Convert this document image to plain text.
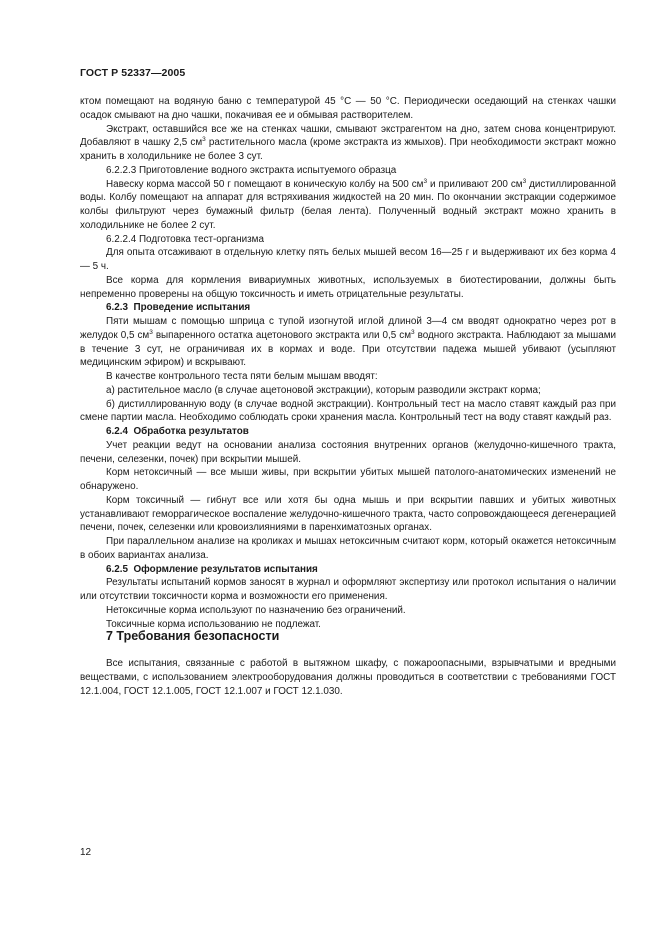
ГОСТ Р 52337—2005

ктом помещают на водяную баню с температурой 45 °С — 50 °С. Периодически оседающий на стенках чашки осадок смывают на дно чашки, покачивая ее и обмывая растворителем.

Экстракт, оставшийся все же на стенках чашки, смывают экстрагентом на дно, затем снова концентрируют. Добавляют в чашку 2,5 $см^3$ растительного масла (кроме экстракта из жмыхов). При необходимости экстракт можно хранить в холодильнике не более 3 сут.

6.2.2.3 Приготовление водного экстракта испытуемого образца

Навеску корма массой 50 г помещают в коническую колбу на 500 $см^3$ и приливают 200 $см^3$ дистиллированной воды. Колбу помещают на аппарат для встряхивания жидкостей на 20 мин. По окончании экстракции содержимое колбы фильтруют через бумажный фильтр (белая лента). Полученный водный экстракт можно хранить в холодильнике не более 2 сут.

6.2.2.4 Подготовка тест-организма

Для опыта отсаживают в отдельную клетку пять белых мышей весом 16—25 г и выдерживают их без корма 4 — 5 ч.

Все корма для кормления вивариумных животных, используемых в биотестировании, должны быть непременно проверены на общую токсичность и иметь отрицательные результаты.

6.2.3 Проведение испытания

Пяти мышам с помощью шприца с тупой изогнутой иглой длиной 3—4 см вводят однократно через рот в желудок 0,5 $см^3$ выпаренного остатка ацетонового экстракта или 0,5 $см^3$ водного экстракта. Наблюдают за мышами в течение 3 сут, не ограничивая их в кормах и воде. При отсутствии падежа мышей убивают (усыпляют медицинским эфиром) и вскрывают.

В качестве контрольного теста пяти белым мышам вводят:

а) растительное масло (в случае ацетоновой экстракции), которым разводили экстракт корма;

б) дистиллированную воду (в случае водной экстракции). Контрольный тест на масло ставят каждый раз при смене партии масла. Необходимо соблюдать сроки хранения масла. Контрольный тест на воду ставят каждый раз.

6.2.4 Обработка результатов

Учет реакции ведут на основании анализа состояния внутренних органов (желудочно-кишечного тракта, печени, селезенки, почек) при вскрытии мышей.

Корм нетоксичный — все мыши живы, при вскрытии убитых мышей патолого-анатомических изменений не обнаружено.

Корм токсичный — гибнут все или хотя бы одна мышь и при вскрытии павших и убитых животных устанавливают геморрагическое воспаление желудочно-кишечного тракта, часто сопровождающееся дегенерацией печени, почек, селезенки или кровоизлияниями в паренхиматозных органах.

При параллельном анализе на кроликах и мышах нетоксичным считают корм, который окажется нетоксичным в обоих вариантах анализа.

6.2.5 Оформление результатов испытания

Результаты испытаний кормов заносят в журнал и оформляют экспертизу или протокол испытания о наличии или отсутствии токсичности корма и возможности его применения.

Нетоксичные корма используют по назначению без ограничений.

Токсичные корма использованию не подлежат.

7 Требования безопасности

Все испытания, связанные с работой в вытяжном шкафу, с пожароопасными, взрывчатыми и вредными веществами, с использованием электрооборудования должны проводиться в соответствии с требованиями ГОСТ 12.1.004, ГОСТ 12.1.005, ГОСТ 12.1.007 и ГОСТ 12.1.030.

12
